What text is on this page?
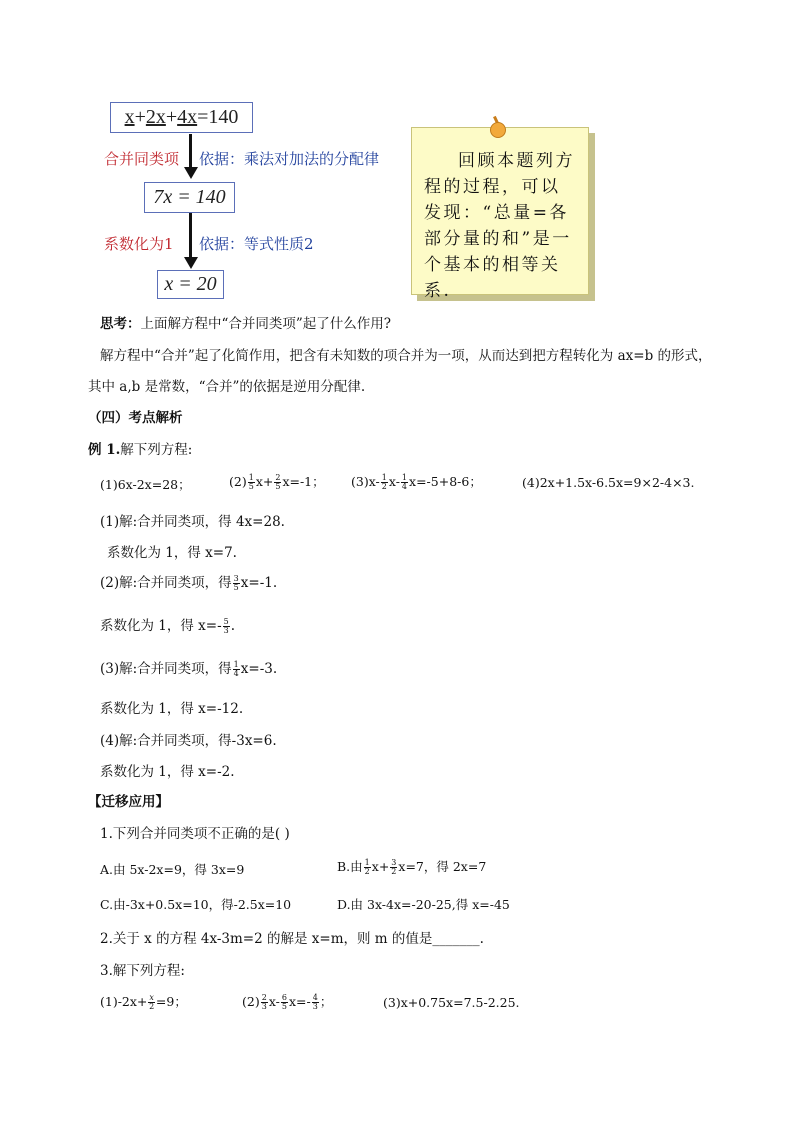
x+2x+4x=140
合并同类项 依据：乘法对加法的分配律
7x = 140
系数化为1 依据：等式性质2
x = 20
回顾本题列方程的过程，可以发现：“总量=各部分量的和”是一个基本的相等关系.
思考：上面解方程中“合并同类项”起了什么作用?
解方程中“合并”起了化简作用，把含有未知数的项合并为一项，从而达到把方程转化为 ax=b 的形式，
其中 a,b 是常数，“合并”的依据是逆用分配律.
（四）考点解析
例 1.解下列方程:
(1)6x-2x=28；	$(2) \frac{1}{5} x+ \frac{2}{5} x=-1$； $(3)x- \frac{1}{2} x- \frac{1}{4} x=-5+8-6$；	(4)2x+1.5x-6.5x=9×2-4×3.
(1)解:合并同类项，得 4x=28.
系数化为 1，得 x=7.
(2)解:合并同类项，得 $\frac{3}{5} x=-1$.
系数化为 1，得 $x=- \frac{5}{3}$ .
(3)解:合并同类项，得 $\frac{1}{4} x=-3$.
系数化为 1，得 x=-12.
(4)解:合并同类项，得-3x=6.
系数化为 1，得 x=-2.
【迁移应用】
1.下列合并同类项不正确的是( )
A.由 5x-2x=9，得 3x=9	B.由 $\frac{1}{2} x+ \frac{3}{2} x=7$，得 2x=7
C.由-3x+0.5x=10，得-2.5x=10	D.由 3x-4x=-20-25,得 x=-45
2.关于 x 的方程 4x-3m=2 的解是 x=m，则 m 的值是_______.
3.解下列方程:
$(1)-2x+ \frac{x}{2} =9$；	$(2) \frac{2}{3} x- \frac{6}{5} x=- \frac{4}{3}$ ；	(3)x+0.75x=7.5-2.25.
